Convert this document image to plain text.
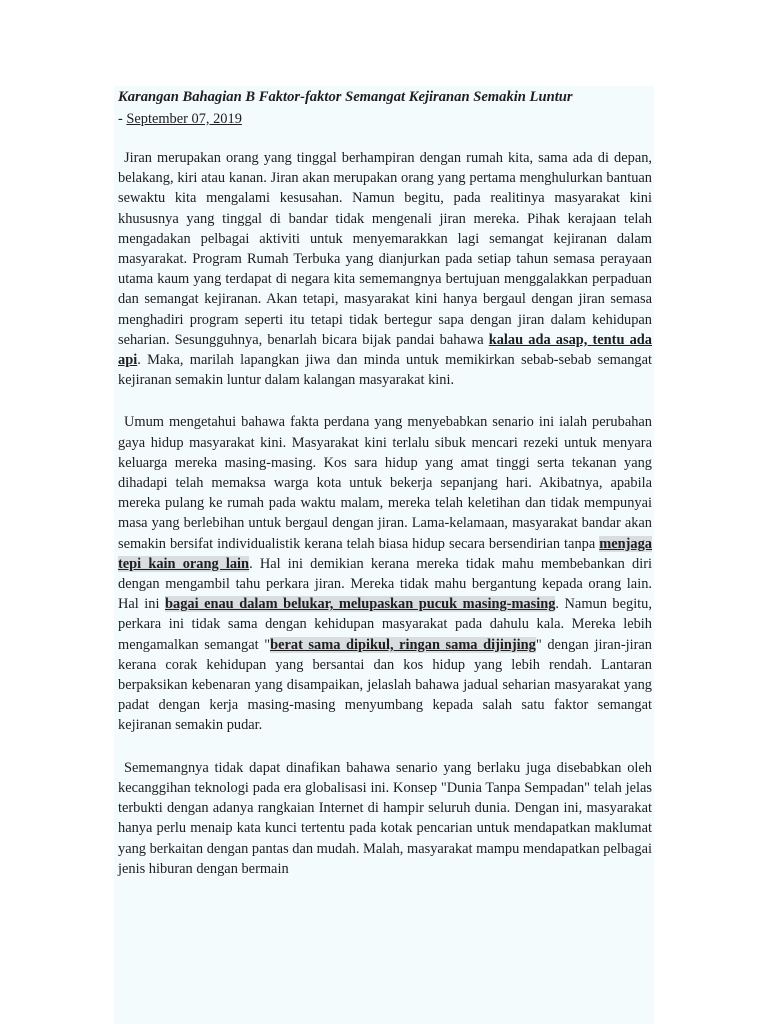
Karangan Bahagian B Faktor-faktor Semangat Kejiranan Semakin Luntur
- September 07, 2019

Jiran merupakan orang yang tinggal berhampiran dengan rumah kita, sama ada di depan, belakang, kiri atau kanan. Jiran akan merupakan orang yang pertama menghulurkan bantuan sewaktu kita mengalami kesusahan. Namun begitu, pada realitinya masyarakat kini khususnya yang tinggal di bandar tidak mengenali jiran mereka. Pihak kerajaan telah mengadakan pelbagai aktiviti untuk menyemarakkan lagi semangat kejiranan dalam masyarakat. Program Rumah Terbuka yang dianjurkan pada setiap tahun semasa perayaan utama kaum yang terdapat di negara kita sememangnya bertujuan menggalakkan perpaduan dan semangat kejiranan. Akan tetapi, masyarakat kini hanya bergaul dengan jiran semasa menghadiri program seperti itu tetapi tidak bertegur sapa dengan jiran dalam kehidupan seharian. Sesungguhnya, benarlah bicara bijak pandai bahawa kalau ada asap, tentu ada api. Maka, marilah lapangkan jiwa dan minda untuk memikirkan sebab-sebab semangat kejiranan semakin luntur dalam kalangan masyarakat kini.

Umum mengetahui bahawa fakta perdana yang menyebabkan senario ini ialah perubahan gaya hidup masyarakat kini. Masyarakat kini terlalu sibuk mencari rezeki untuk menyara keluarga mereka masing-masing. Kos sara hidup yang amat tinggi serta tekanan yang dihadapi telah memaksa warga kota untuk bekerja sepanjang hari. Akibatnya, apabila mereka pulang ke rumah pada waktu malam, mereka telah keletihan dan tidak mempunyai masa yang berlebihan untuk bergaul dengan jiran. Lama-kelamaan, masyarakat bandar akan semakin bersifat individualistik kerana telah biasa hidup secara bersendirian tanpa menjaga tepi kain orang lain. Hal ini demikian kerana mereka tidak mahu membebankan diri dengan mengambil tahu perkara jiran. Mereka tidak mahu bergantung kepada orang lain. Hal ini bagai enau dalam belukar, melupaskan pucuk masing-masing. Namun begitu, perkara ini tidak sama dengan kehidupan masyarakat pada dahulu kala. Mereka lebih mengamalkan semangat "berat sama dipikul, ringan sama dijinjing" dengan jiran-jiran kerana corak kehidupan yang bersantai dan kos hidup yang lebih rendah. Lantaran berpaksikan kebenaran yang disampaikan, jelaslah bahawa jadual seharian masyarakat yang padat dengan kerja masing-masing menyumbang kepada salah satu faktor semangat kejiranan semakin pudar.

Sememangnya tidak dapat dinafikan bahawa senario yang berlaku juga disebabkan oleh kecanggihan teknologi pada era globalisasi ini. Konsep "Dunia Tanpa Sempadan" telah jelas terbukti dengan adanya rangkaian Internet di hampir seluruh dunia. Dengan ini, masyarakat hanya perlu menaip kata kunci tertentu pada kotak pencarian untuk mendapatkan maklumat yang berkaitan dengan pantas dan mudah. Malah, masyarakat mampu mendapatkan pelbagai jenis hiburan dengan bermain
